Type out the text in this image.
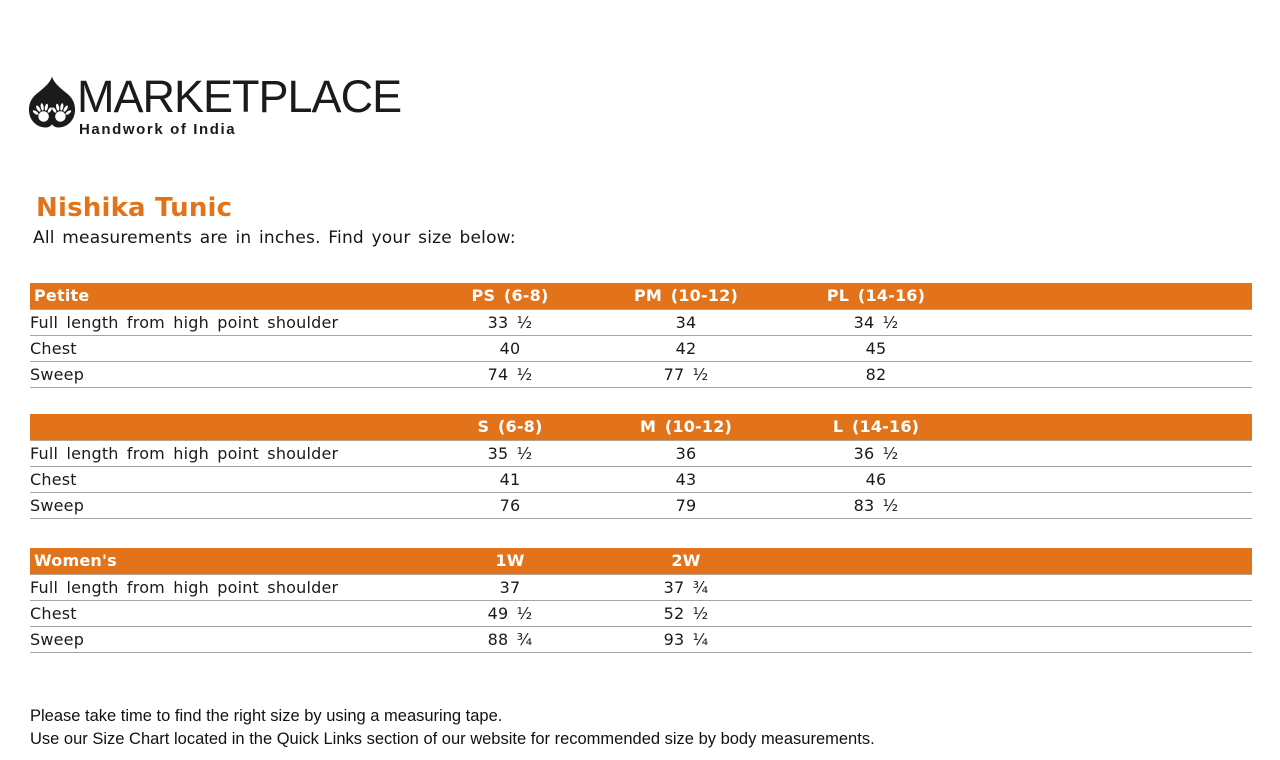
MARKETPLACE
Handwork of India
Nishika Tunic
All measurements are in inches. Find your size below:
Petite	PS (6-8)	PM (10-12)	PL (14-16)	
Full length from high point shoulder	33 ½	34	34 ½	
Chest	40	42	45	
Sweep	74 ½	77 ½	82	
	S (6-8)	M (10-12)	L (14-16)	
Full length from high point shoulder	35 ½	36	36 ½	
Chest	41	43	46	
Sweep	76	79	83 ½	
Women's	1W	2W		
Full length from high point shoulder	37	37 ¾		
Chest	49 ½	52 ½		
Sweep	88 ¾	93 ¼		
Please take time to find the right size by using a measuring tape.
Use our Size Chart located in the Quick Links section of our website for recommended size by body measurements.
